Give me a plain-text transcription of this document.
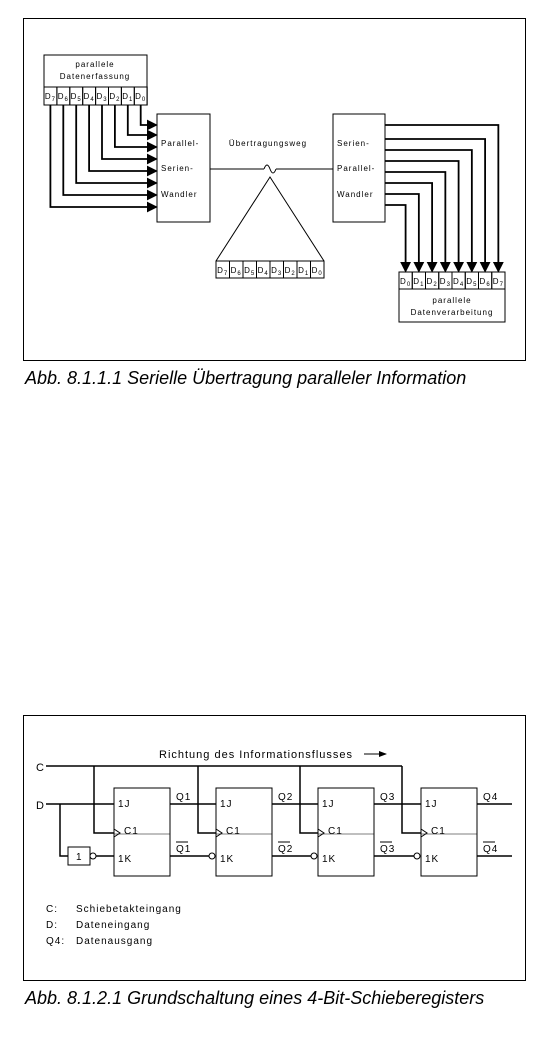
parallele
Datenerfassung
$D_7$ $D_6$ $D_5$ $D_4$ $D_3$ $D_2$ $D_1$ $D_0$
Parallel-
Serien-
Wandler
Übertragungsweg
$D_7$ $D_6$ $D_5$ $D_4$ $D_3$ $D_2$ $D_1$ $D_0$
Serien-
Parallel-
Wandler
$D_0$ $D_1$ $D_2$ $D_3$ $D_4$ $D_5$ $D_6$ $D_7$
parallele
Datenverarbeitung
Abb. 8.1.1.1 Serielle Übertragung paralleler Information
Richtung des Informationsflusses
C
D
1
1J
C1
1K
Q1
Q1
1J
C1
1K
Q2
Q2
1J
C1
1K
Q3
Q3
1J
C1
1K
Q4
Q4
C: Schiebetakteingang
D: Dateneingang
Q4: Datenausgang
Abb. 8.1.2.1 Grundschaltung eines 4-Bit-Schieberegisters
